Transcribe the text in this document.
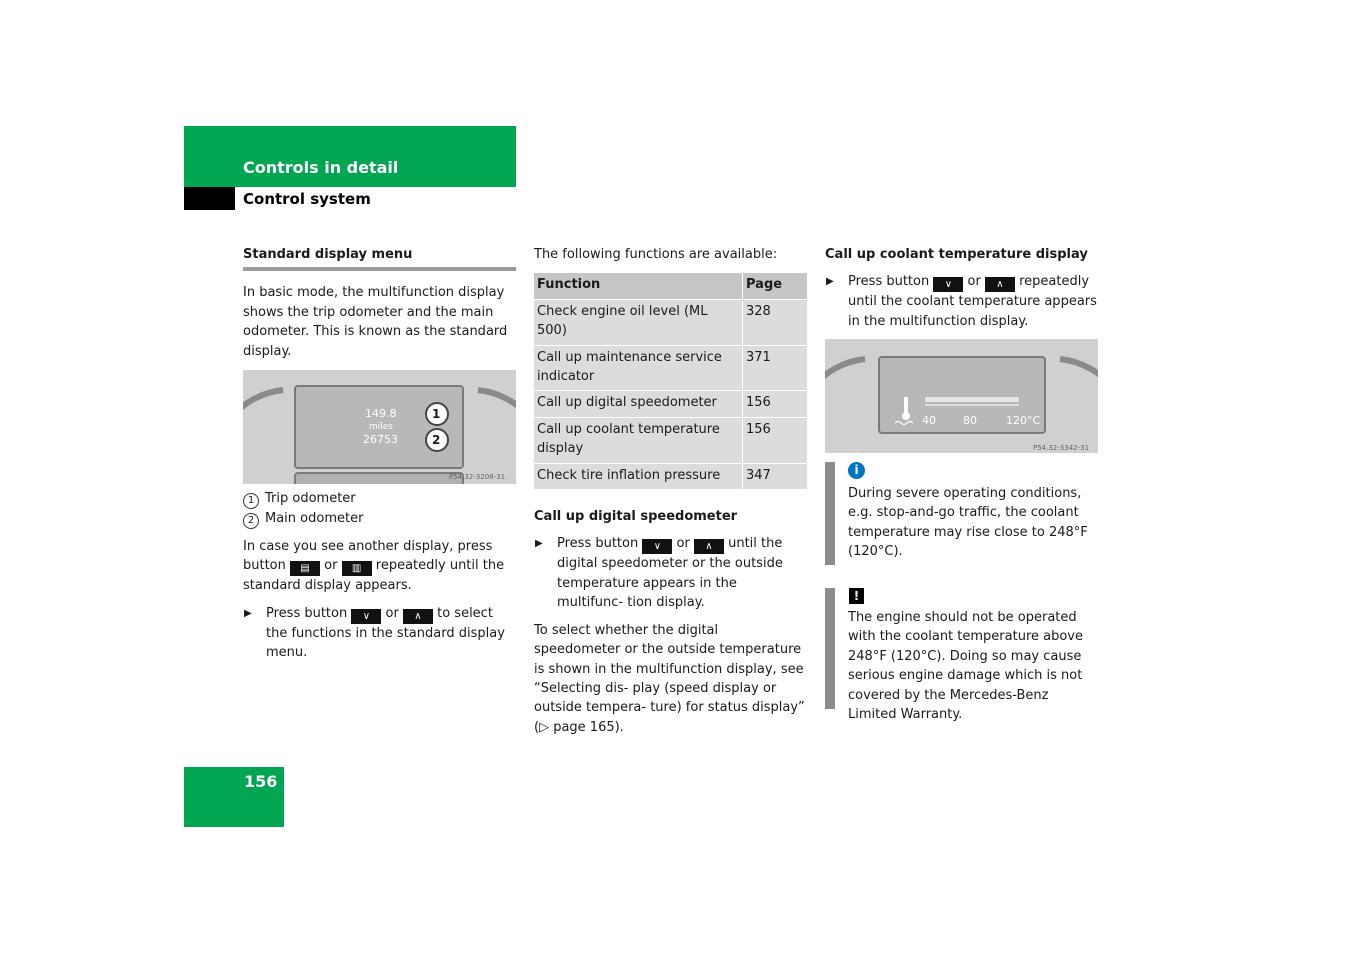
Controls in detail
Control system

Standard display menu

In basic mode, the multifunction display shows the trip odometer and the main odometer. This is known as the standard display.

149.8
miles
26753
1
2
P54.32-3208-31

1 Trip odometer

2 Main odometer

In case you see another display, press button ▤ or ▥ repeatedly until the standard display appears.

▶ Press button ∨ or ∧ to select the functions in the standard display menu.

The following functions are available:

Function	Page
Check engine oil level (ML 500)	328
Call up maintenance service indicator	371
Call up digital speedometer	156
Call up coolant temperature display	156
Check tire inflation pressure	347

Call up digital speedometer

▶ Press button ∨ or ∧ until the digital speedometer or the outside temperature appears in the multifunc- tion display.

To select whether the digital speedometer or the outside temperature is shown in the multifunction display, see “Selecting dis- play (speed display or outside tempera- ture) for status display” (▷ page 165).

Call up coolant temperature display

▶ Press button ∨ or ∧ repeatedly until the coolant temperature appears in the multifunction display.

40 80	120°C
P54.32-3342-31
i

During severe operating conditions, e.g. stop-and-go traffic, the coolant temperature may rise close to 248°F (120°C).

!

The engine should not be operated with the coolant temperature above 248°F (120°C). Doing so may cause serious engine damage which is not covered by the Mercedes-Benz Limited Warranty.

156
